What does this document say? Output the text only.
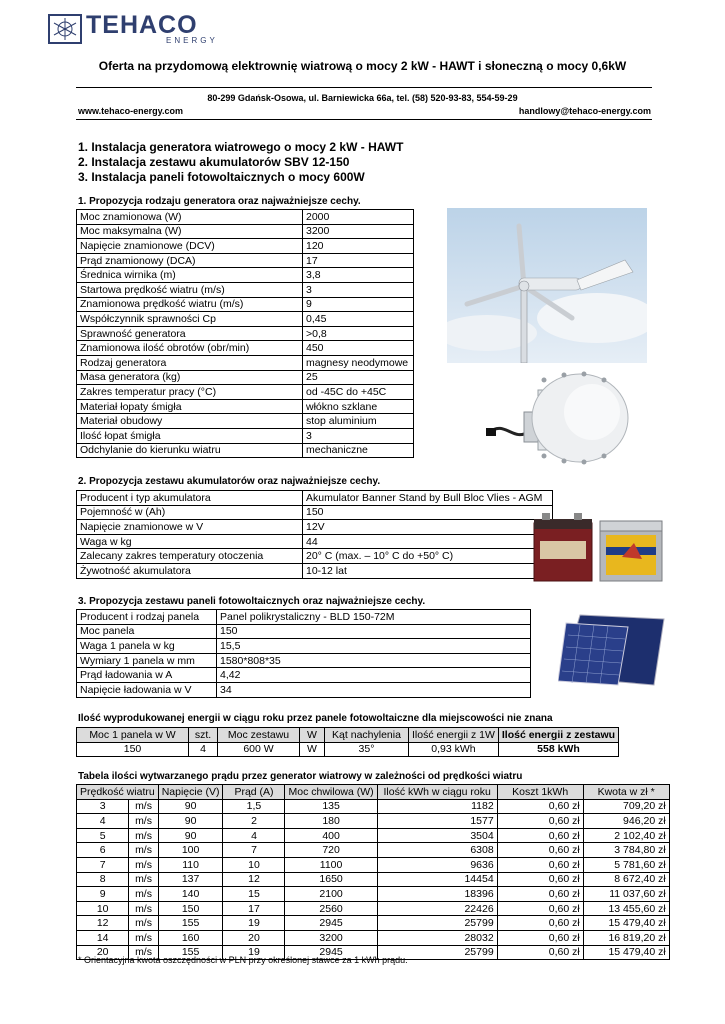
TEHACO
ENERGY
Oferta na przydomową elektrownię wiatrową o mocy 2 kW - HAWT i słoneczną o mocy 0,6kW
80-299 Gdańsk-Osowa, ul. Barniewicka 66a, tel. (58) 520-93-83, 554-59-29
www.tehaco-energy.com	handlowy@tehaco-energy.com
1. Instalacja generatora wiatrowego o mocy 2 kW - HAWT
2. Instalacja zestawu akumulatorów SBV 12-150
3. Instalacja paneli fotowoltaicznych o mocy 600W
1. Propozycja rodzaju generatora oraz najważniejsze cechy.
Moc znamionowa (W)	2000
Moc maksymalna (W)	3200
Napięcie znamionowe (DCV)	120
Prąd znamionowy (DCA)	17
Średnica wirnika (m)	3,8
Startowa prędkość wiatru (m/s)	3
Znamionowa prędkość wiatru (m/s)	9
Współczynnik sprawności Cp	0,45
Sprawność generatora	>0,8
Znamionowa ilość obrotów (obr/min)	450
Rodzaj generatora	magnesy neodymowe
Masa generatora (kg)	25
Zakres temperatur pracy (°C)	od -45C do +45C
Materiał łopaty śmigła	włókno szklane
Materiał obudowy	stop aluminium
Ilość łopat śmigła	3
Odchylanie do kierunku wiatru	mechaniczne
2. Propozycja zestawu akumulatorów oraz najważniejsze cechy.
Producent i typ akumulatora	Akumulator Banner Stand by Bull Bloc Vlies - AGM
Pojemność w (Ah)	150
Napięcie znamionowe w V	12V
Waga w kg	44
Zalecany zakres temperatury otoczenia	20° C (max. – 10° C do +50° C)
Żywotność akumulatora	10-12 lat
3. Propozycja zestawu paneli fotowoltaicznych oraz najważniejsze cechy.
Producent i rodzaj panela	Panel polikrystaliczny - BLD 150-72M
Moc panela	150
Waga 1 panela w kg	15,5
Wymiary 1 panela w mm	1580*808*35
Prąd ładowania w A	4,42
Napięcie ładowania w V	34
Ilość wyprodukowanej energii w ciągu roku przez panele fotowoltaiczne dla miejscowości nie znana
Moc 1 panela w W	szt.	Moc zestawu	W	Kąt nachylenia	Ilość energii z 1W	Ilość energii z zestawu
150	4	600 W	W	35°	0,93 kWh	558 kWh
Tabela ilości wytwarzanego prądu przez generator wiatrowy w zależności od prędkości wiatru
Prędkość wiatru		Napięcie (V)	Prąd (A)	Moc chwilowa (W)	Ilość kWh w ciągu roku	Koszt 1kWh	Kwota w zł *
3	m/s	90	1,5	135	1182	0,60 zł	709,20 zł
4	m/s	90	2	180	1577	0,60 zł	946,20 zł
5	m/s	90	4	400	3504	0,60 zł	2 102,40 zł
6	m/s	100	7	720	6308	0,60 zł	3 784,80 zł
7	m/s	110	10	1100	9636	0,60 zł	5 781,60 zł
8	m/s	137	12	1650	14454	0,60 zł	8 672,40 zł
9	m/s	140	15	2100	18396	0,60 zł	11 037,60 zł
10	m/s	150	17	2560	22426	0,60 zł	13 455,60 zł
12	m/s	155	19	2945	25799	0,60 zł	15 479,40 zł
14	m/s	160	20	3200	28032	0,60 zł	16 819,20 zł
20	m/s	155	19	2945	25799	0,60 zł	15 479,40 zł
* Orientacyjna kwota oszczędności w PLN przy określonej stawce za 1 kWh prądu.
